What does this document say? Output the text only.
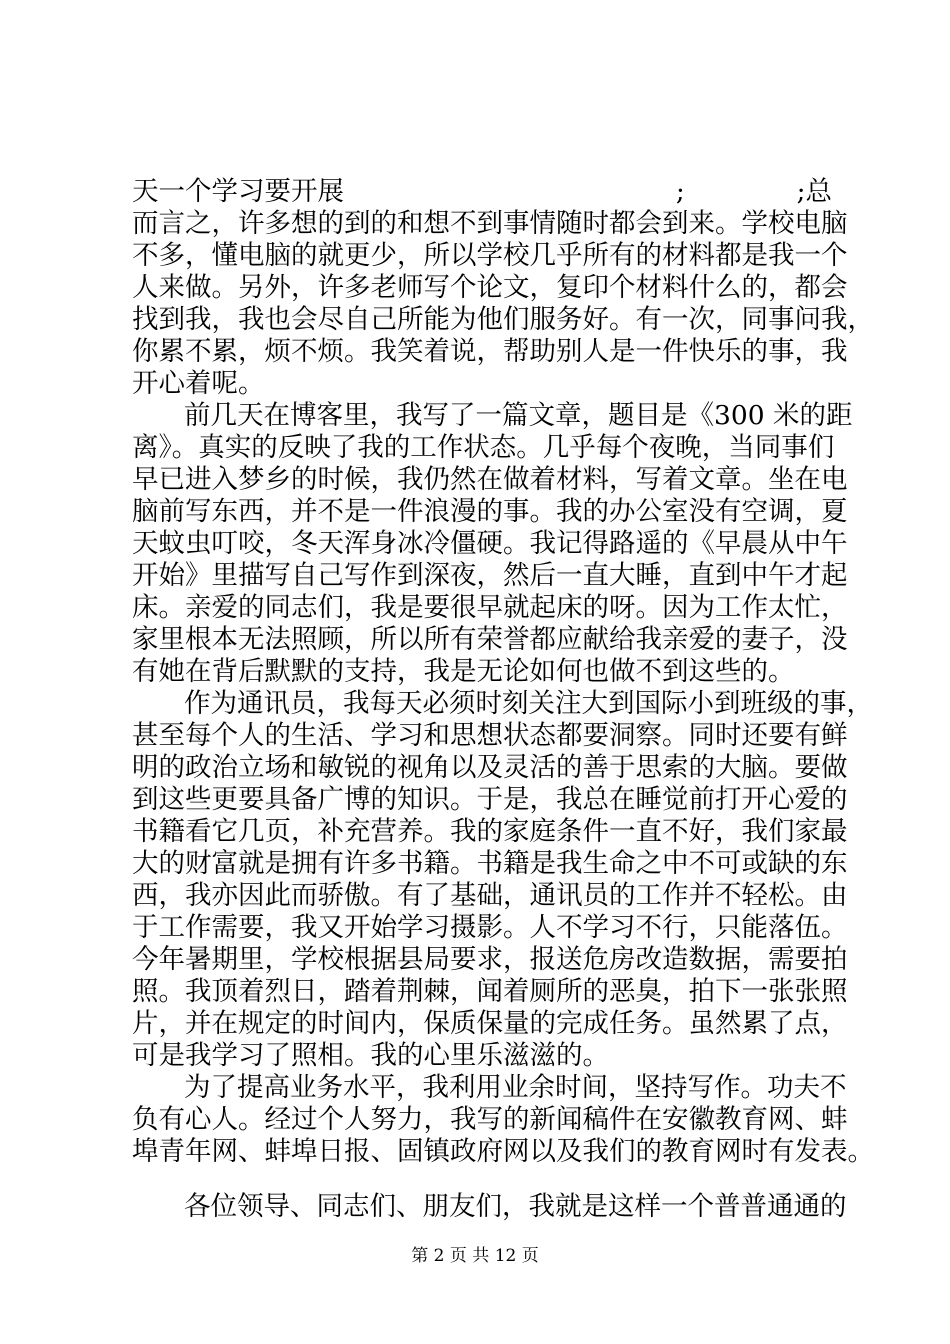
天一个学习要开展	;	;总
而言之，许多想的到的和想不到事情随时都会到来。学校电脑
不多，懂电脑的就更少，所以学校几乎所有的材料都是我一个
人来做。另外，许多老师写个论文，复印个材料什么的，都会
找到我，我也会尽自己所能为他们服务好。有一次，同事问我，
你累不累，烦不烦。我笑着说，帮助别人是一件快乐的事，我
开心着呢。
前几天在博客里，我写了一篇文章，题目是《300 米的距
离》。真实的反映了我的工作状态。几乎每个夜晚，当同事们
早已进入梦乡的时候，我仍然在做着材料，写着文章。坐在电
脑前写东西，并不是一件浪漫的事。我的办公室没有空调，夏
天蚊虫叮咬，冬天浑身冰冷僵硬。我记得路遥的《早晨从中午
开始》里描写自己写作到深夜，然后一直大睡，直到中午才起
床。亲爱的同志们，我是要很早就起床的呀。因为工作太忙，
家里根本无法照顾，所以所有荣誉都应献给我亲爱的妻子，没
有她在背后默默的支持，我是无论如何也做不到这些的。
作为通讯员，我每天必须时刻关注大到国际小到班级的事，
甚至每个人的生活、学习和思想状态都要洞察。同时还要有鲜
明的政治立场和敏锐的视角以及灵活的善于思索的大脑。要做
到这些更要具备广博的知识。于是，我总在睡觉前打开心爱的
书籍看它几页，补充营养。我的家庭条件一直不好，我们家最
大的财富就是拥有许多书籍。书籍是我生命之中不可或缺的东
西，我亦因此而骄傲。有了基础，通讯员的工作并不轻松。由
于工作需要，我又开始学习摄影。人不学习不行，只能落伍。
今年暑期里，学校根据县局要求，报送危房改造数据，需要拍
照。我顶着烈日，踏着荆棘，闻着厕所的恶臭，拍下一张张照
片，并在规定的时间内，保质保量的完成任务。虽然累了点，
可是我学习了照相。我的心里乐滋滋的。
为了提高业务水平，我利用业余时间，坚持写作。功夫不
负有心人。经过个人努力，我写的新闻稿件在安徽教育网、蚌
埠青年网、蚌埠日报、固镇政府网以及我们的教育网时有发表。
各位领导、同志们、朋友们，我就是这样一个普普通通的
第 2 页 共 12 页
